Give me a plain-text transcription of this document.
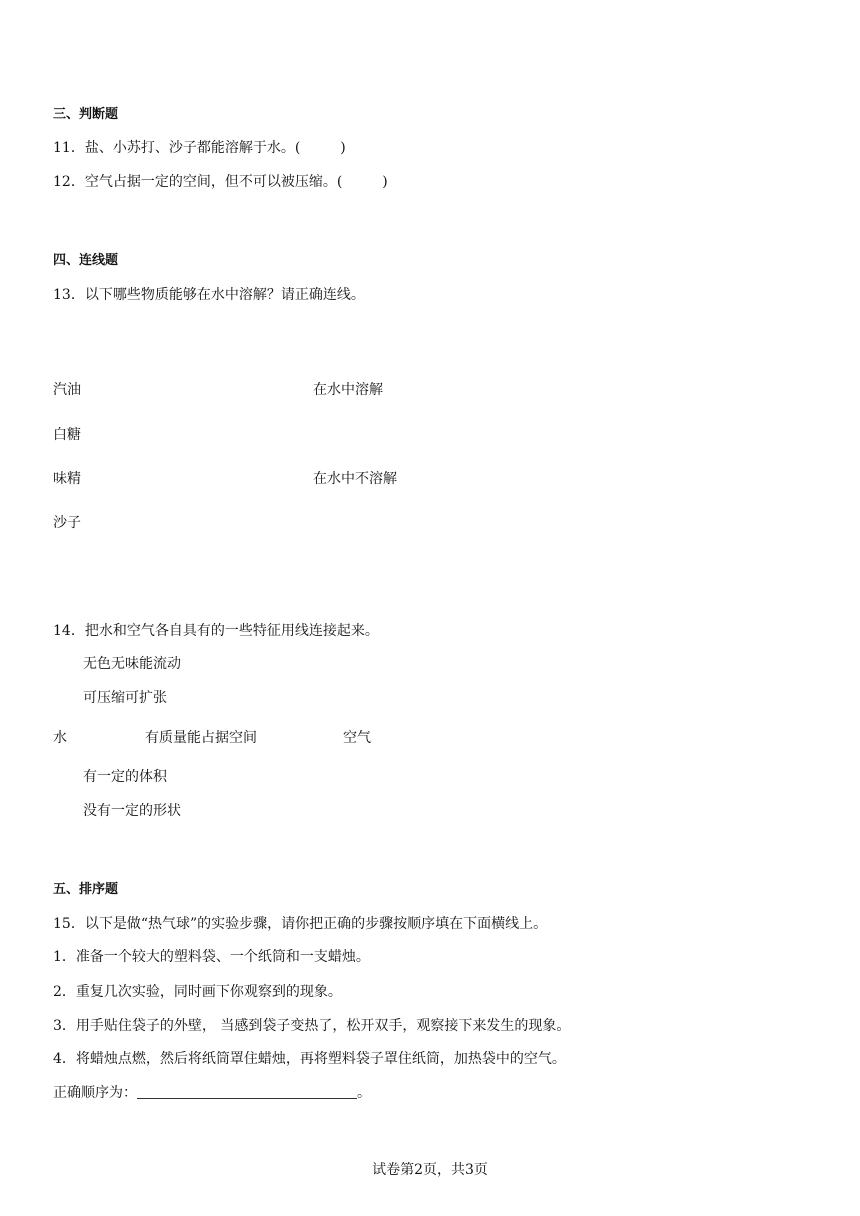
三、判断题
11．盐、小苏打、沙子都能溶解于水。(	)
12．空气占据一定的空间，但不可以被压缩。(	)
四、连线题
13．以下哪些物质能够在水中溶解？请正确连线。
汽油
白糖
味精
沙子
在水中溶解
在水中不溶解
14．把水和空气各自具有的一些特征用线连接起来。
无色无味能流动
可压缩可扩张
水	有质量能占据空间	空气
有一定的体积
没有一定的形状
五、排序题
15．以下是做“热气球”的实验步骤，请你把正确的步骤按顺序填在下面横线上。
1．准备一个较大的塑料袋、一个纸筒和一支蜡烛。
2．重复几次实验，同时画下你观察到的现象。
3．用手贴住袋子的外壁， 当感到袋子变热了，松开双手，观察接下来发生的现象。
4．将蜡烛点燃，然后将纸筒罩住蜡烛，再将塑料袋子罩住纸筒，加热袋中的空气。
正确顺序为：	。
试卷第2页，共3页
